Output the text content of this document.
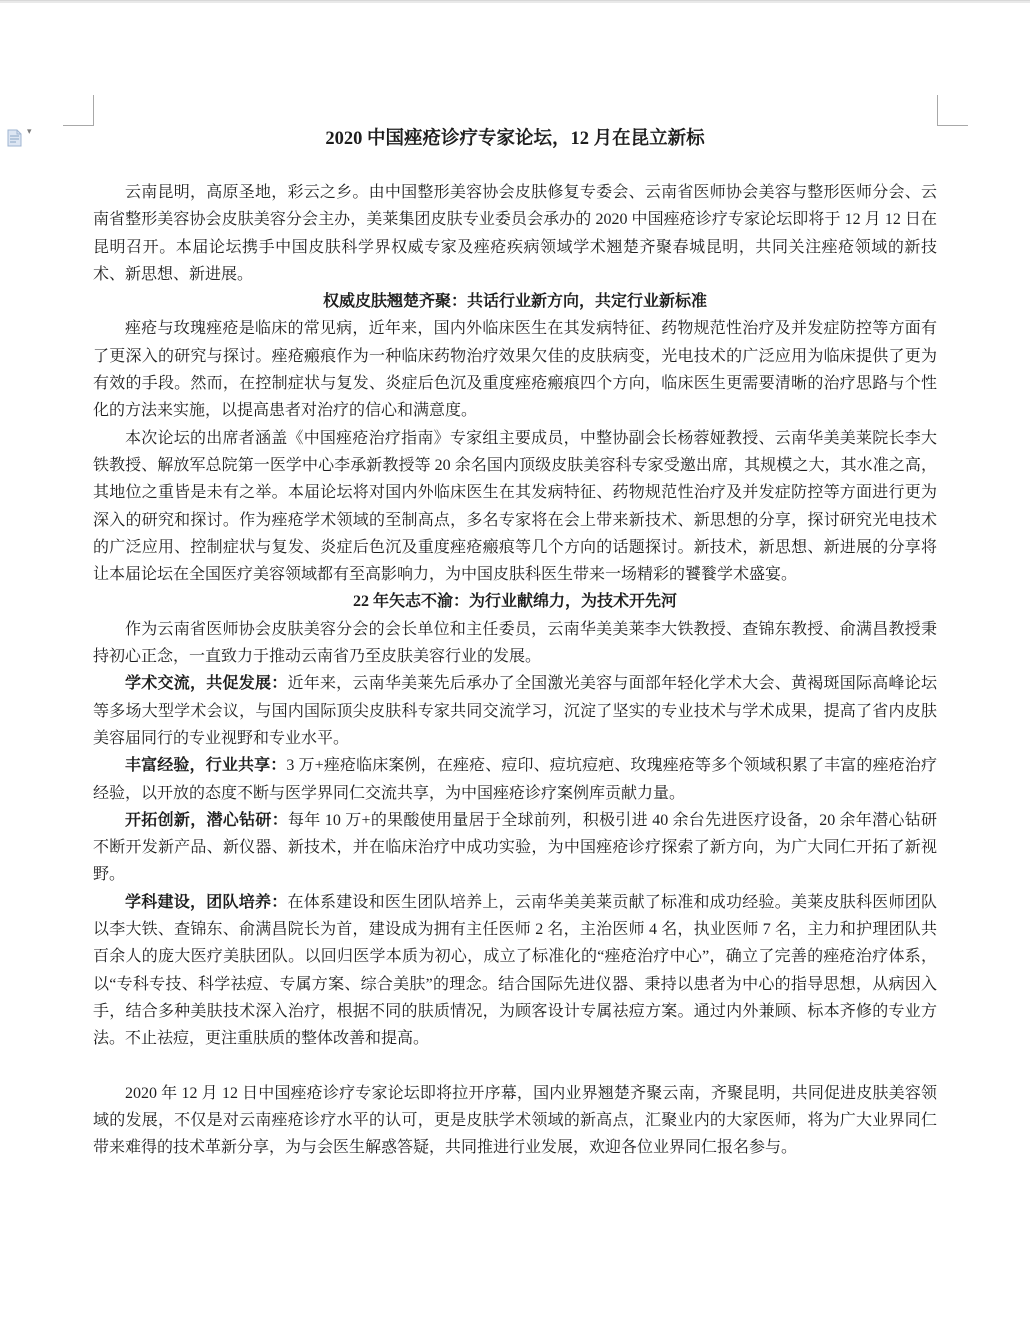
▾	2020 中国痤疮诊疗专家论坛，12 月在昆立新标

云南昆明，高原圣地，彩云之乡。由中国整形美容协会皮肤修复专委会、云南省医师协会美容与整形医师分会、云南省整形美容协会皮肤美容分会主办，美莱集团皮肤专业委员会承办的 2020 中国痤疮诊疗专家论坛即将于 12 月 12 日在昆明召开。本届论坛携手中国皮肤科学界权威专家及痤疮疾病领域学术翘楚齐聚春城昆明，共同关注痤疮领域的新技术、新思想、新进展。

权威皮肤翘楚齐聚：共话行业新方向，共定行业新标准

痤疮与玫瑰痤疮是临床的常见病，近年来，国内外临床医生在其发病特征、药物规范性治疗及并发症防控等方面有了更深入的研究与探讨。痤疮瘢痕作为一种临床药物治疗效果欠佳的皮肤病变，光电技术的广泛应用为临床提供了更为有效的手段。然而，在控制症状与复发、炎症后色沉及重度痤疮瘢痕四个方向，临床医生更需要清晰的治疗思路与个性化的方法来实施，以提高患者对治疗的信心和满意度。

本次论坛的出席者涵盖《中国痤疮治疗指南》专家组主要成员，中整协副会长杨蓉娅教授、云南华美美莱院长李大铁教授、解放军总院第一医学中心李承新教授等 20 余名国内顶级皮肤美容科专家受邀出席，其规模之大，其水准之高，其地位之重皆是未有之举。本届论坛将对国内外临床医生在其发病特征、药物规范性治疗及并发症防控等方面进行更为深入的研究和探讨。作为痤疮学术领域的至制高点，多名专家将在会上带来新技术、新思想的分享，探讨研究光电技术的广泛应用、控制症状与复发、炎症后色沉及重度痤疮瘢痕等几个方向的话题探讨。新技术，新思想、新进展的分享将让本届论坛在全国医疗美容领域都有至高影响力，为中国皮肤科医生带来一场精彩的饕餮学术盛宴。

22 年矢志不渝：为行业献绵力，为技术开先河

作为云南省医师协会皮肤美容分会的会长单位和主任委员，云南华美美莱李大铁教授、查锦东教授、俞满昌教授秉持初心正念，一直致力于推动云南省乃至皮肤美容行业的发展。

学术交流，共促发展：近年来，云南华美莱先后承办了全国激光美容与面部年轻化学术大会、黄褐斑国际高峰论坛等多场大型学术会议，与国内国际顶尖皮肤科专家共同交流学习，沉淀了坚实的专业技术与学术成果，提高了省内皮肤美容届同行的专业视野和专业水平。

丰富经验，行业共享：3 万+痤疮临床案例，在痤疮、痘印、痘坑痘疤、玫瑰痤疮等多个领域积累了丰富的痤疮治疗经验，以开放的态度不断与医学界同仁交流共享，为中国痤疮诊疗案例库贡献力量。

开拓创新，潜心钻研：每年 10 万+的果酸使用量居于全球前列，积极引进 40 余台先进医疗设备，20 余年潜心钻研不断开发新产品、新仪器、新技术，并在临床治疗中成功实验，为中国痤疮诊疗探索了新方向，为广大同仁开拓了新视野。

学科建设，团队培养：在体系建设和医生团队培养上，云南华美美莱贡献了标准和成功经验。美莱皮肤科医师团队以李大铁、查锦东、俞满昌院长为首，建设成为拥有主任医师 2 名，主治医师 4 名，执业医师 7 名，主力和护理团队共百余人的庞大医疗美肤团队。以回归医学本质为初心，成立了标准化的“痤疮治疗中心”，确立了完善的痤疮治疗体系，以“专科专技、科学祛痘、专属方案、综合美肤”的理念。结合国际先进仪器、秉持以患者为中心的指导思想，从病因入手，结合多种美肤技术深入治疗，根据不同的肤质情况，为顾客设计专属祛痘方案。通过内外兼顾、标本齐修的专业方法。不止祛痘，更注重肤质的整体改善和提高。

2020 年 12 月 12 日中国痤疮诊疗专家论坛即将拉开序幕，国内业界翘楚齐聚云南，齐聚昆明，共同促进皮肤美容领域的发展，不仅是对云南痤疮诊疗水平的认可，更是皮肤学术领域的新高点，汇聚业内的大家医师，将为广大业界同仁带来难得的技术革新分享，为与会医生解惑答疑，共同推进行业发展，欢迎各位业界同仁报名参与。
